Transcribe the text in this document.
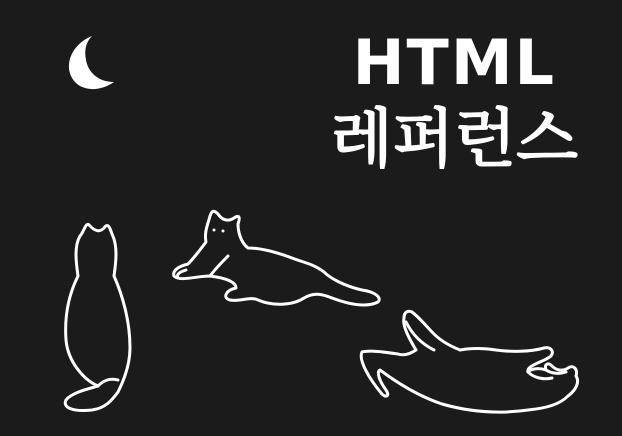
HTML
레퍼런스
